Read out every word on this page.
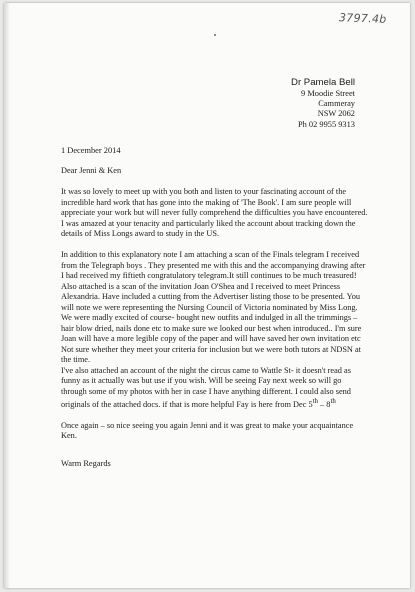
3797.4b
Dr Pamela Bell
9 Moodie Street
Cammeray
NSW 2062
Ph 02 9955 9313
1 December 2014

Dear Jenni & Ken

It was so lovely to meet up with you both and listen to your fascinating account of the incredible hard work that has gone into the making of 'The Book'. I am sure people will appreciate your work but will never fully comprehend the difficulties you have encountered. I was amazed at your tenacity and particularly liked the account about tracking down the details of Miss Longs award to study in the US.

In addition to this explanatory note I am attaching a scan of the Finals telegram I received from the Telegraph boys . They presented me with this and the accompanying drawing after I had received my fiftieth congratulatory telegram.It still continues to be much treasured!

Also attached is a scan of the invitation Joan O'Shea and I received to meet Princess Alexandria. Have included a cutting from the Advertiser listing those to be presented. You will note we were representing the Nursing Council of Victoria nominated by Miss Long.

We were madly excited of course- bought new outfits and indulged in all the trimmings – hair blow dried, nails done etc to make sure we looked our best when introduced.. I'm sure Joan will have a more legible copy of the paper and will have saved her own invitation etc Not sure whether they meet your criteria for inclusion but we were both tutors at NDSN at the time.

I've also attached an account of the night the circus came to Wattle St- it doesn't read as funny as it actually was but use if you wish. Will be seeing Fay next week so will go through some of my photos with her in case I have anything different. I could also send originals of the attached docs. if that is more helpful Fay is here from Dec 5th – 8th

Once again – so nice seeing you again Jenni and it was great to make your acquaintance Ken.

Warm Regards
